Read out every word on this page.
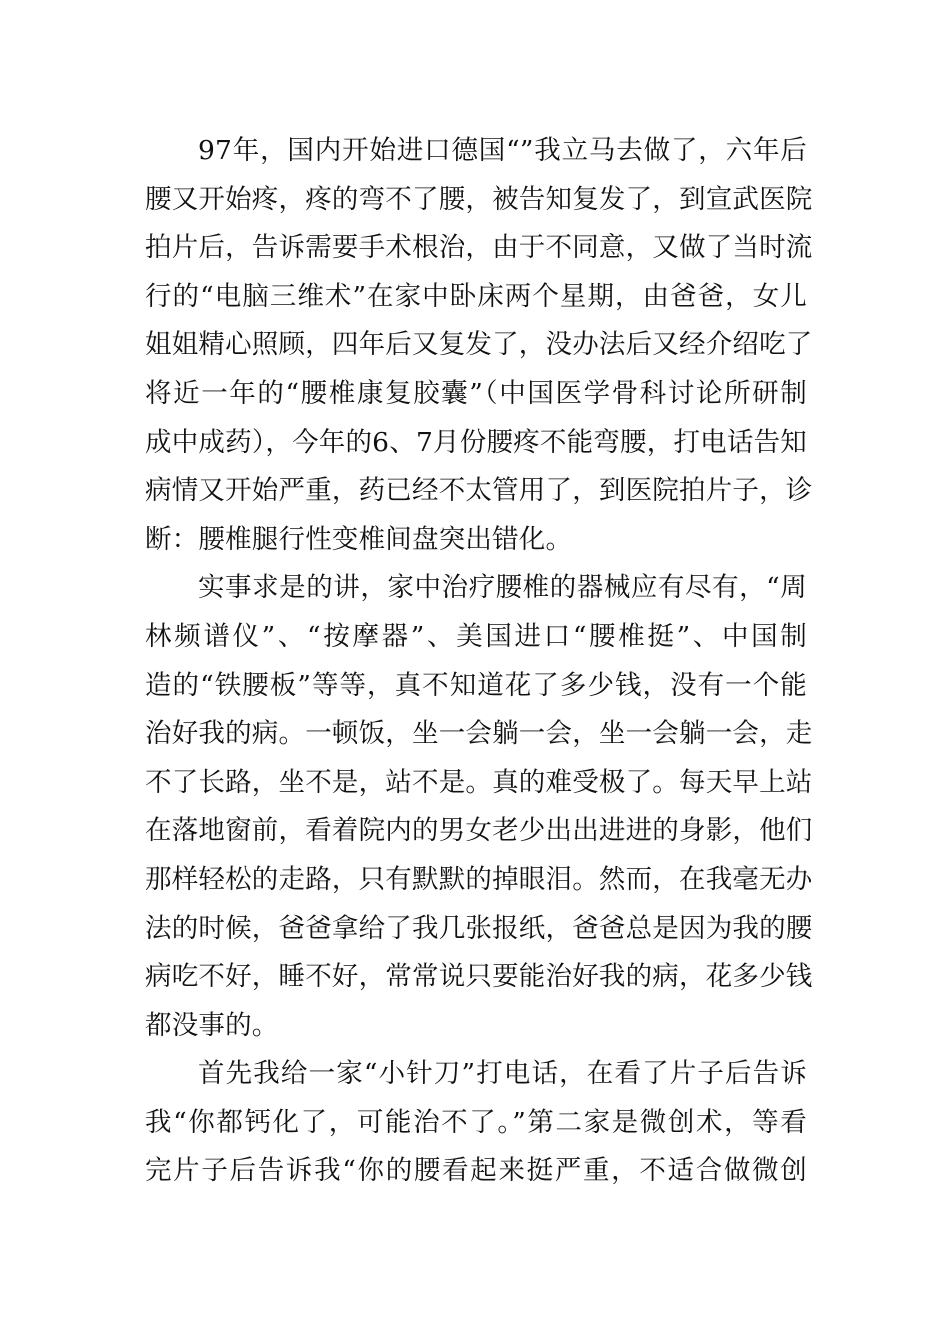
97年，国内开始进口德国“”我立马去做了，六年后
腰又开始疼，疼的弯不了腰，被告知复发了，到宣武医院
拍片后，告诉需要手术根治，由于不同意，又做了当时流
行的“电脑三维术”在家中卧床两个星期，由爸爸，女儿
姐姐精心照顾，四年后又复发了，没办法后又经介绍吃了
将近一年的“腰椎康复胶囊”（中国医学骨科讨论所研制
成中成药），今年的6、7月份腰疼不能弯腰，打电话告知
病情又开始严重，药已经不太管用了，到医院拍片子，诊
断：腰椎腿行性变椎间盘突出错化。
实事求是的讲，家中治疗腰椎的器械应有尽有，“周
林频谱仪”、“按摩器”、美国进口“腰椎挺”、中国制
造的“铁腰板”等等，真不知道花了多少钱，没有一个能
治好我的病。一顿饭，坐一会躺一会，坐一会躺一会，走
不了长路，坐不是，站不是。真的难受极了。每天早上站
在落地窗前，看着院内的男女老少出出进进的身影，他们
那样轻松的走路，只有默默的掉眼泪。然而，在我毫无办
法的时候，爸爸拿给了我几张报纸，爸爸总是因为我的腰
病吃不好，睡不好，常常说只要能治好我的病，花多少钱
都没事的。
首先我给一家“小针刀”打电话，在看了片子后告诉
我“你都钙化了，可能治不了。”第二家是微创术，等看
完片子后告诉我“你的腰看起来挺严重，不适合做微创
